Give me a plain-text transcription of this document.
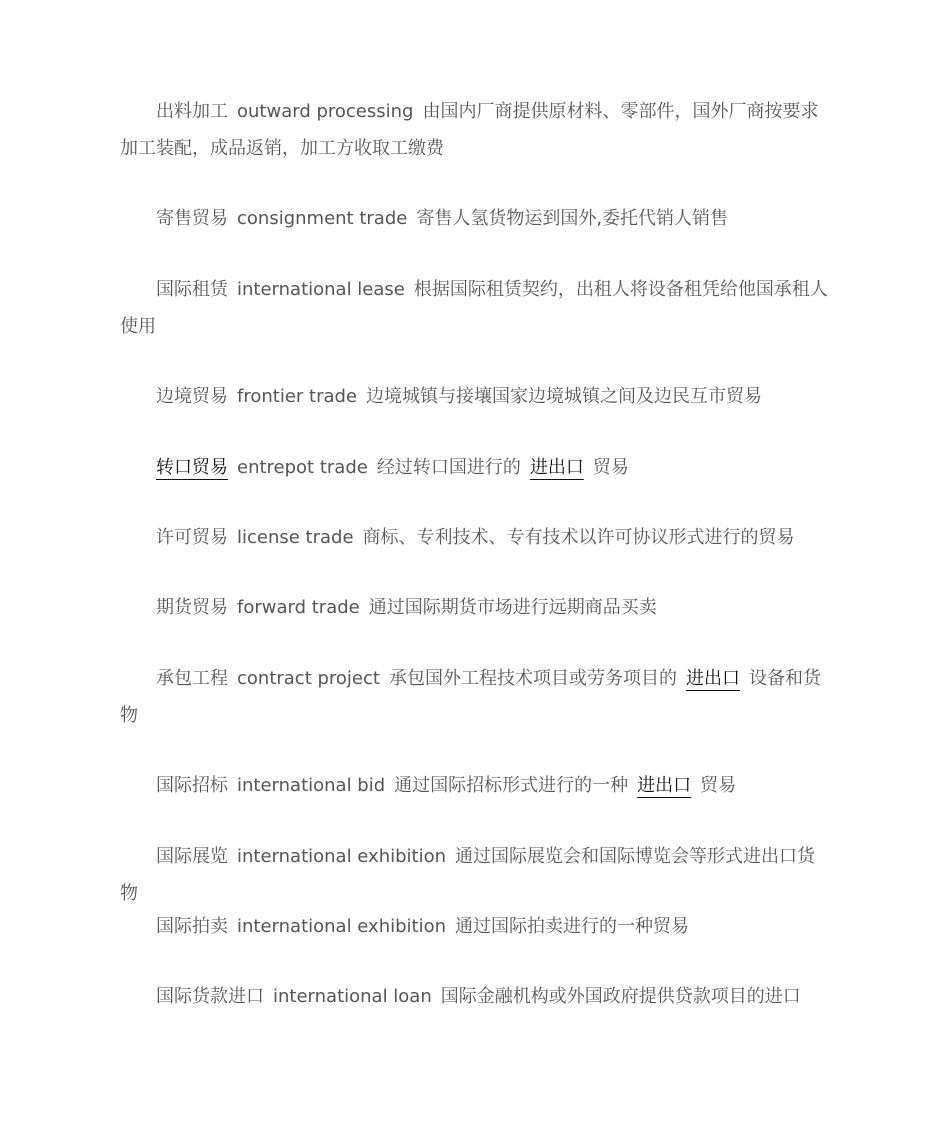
出料加工 outward processing 由国内厂商提供原材料、零部件，国外厂商按要求加工装配，成品返销，加工方收取工缴费

寄售贸易 consignment trade 寄售人氢货物运到国外,委托代销人销售

国际租赁 international lease 根据国际租赁契约，出租人将设备租凭给他国承租人使用

边境贸易 frontier trade 边境城镇与接壤国家边境城镇之间及边民互市贸易

转口贸易 entrepot trade 经过转口国进行的 进出口 贸易

许可贸易 license trade 商标、专利技术、专有技术以许可协议形式进行的贸易

期货贸易 forward trade 通过国际期货市场进行远期商品买卖

承包工程 contract project 承包国外工程技术项目或劳务项目的 进出口 设备和货物

国际招标 international bid 通过国际招标形式进行的一种 进出口 贸易

国际展览 international exhibition 通过国际展览会和国际博览会等形式进出口货物

国际拍卖 international exhibition 通过国际拍卖进行的一种贸易

国际货款进口 international loan 国际金融机构或外国政府提供贷款项目的进口
